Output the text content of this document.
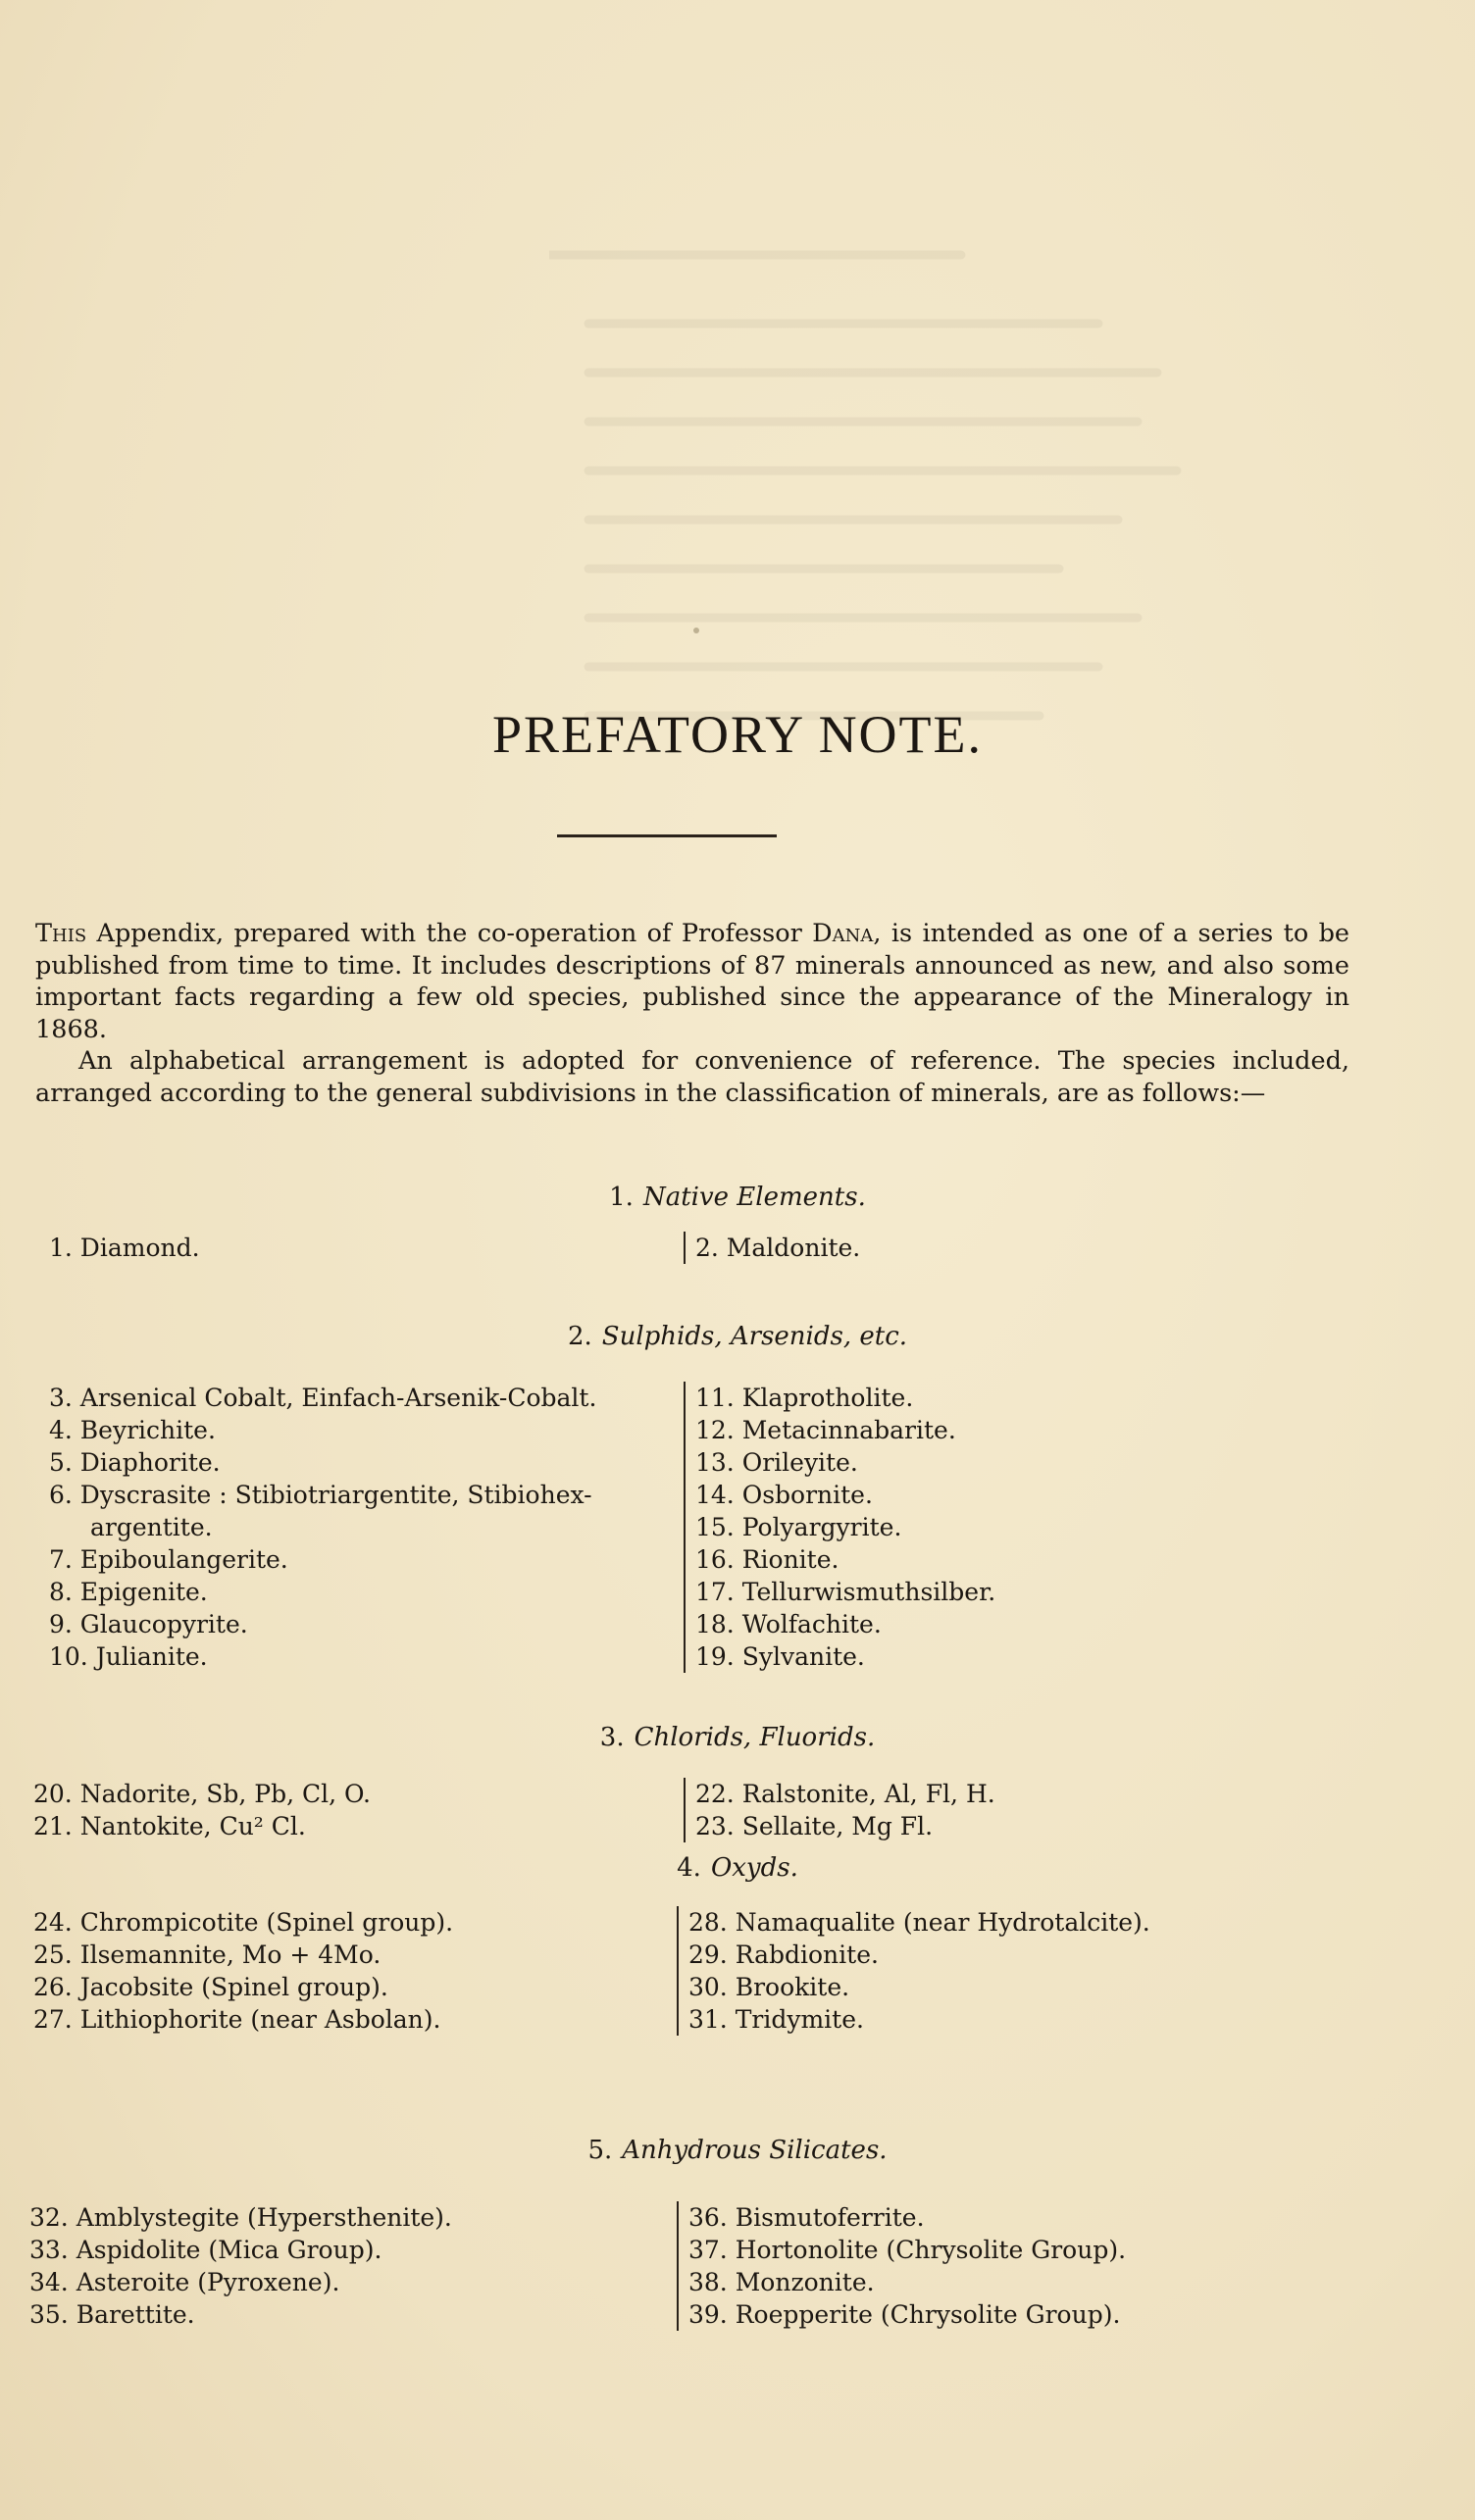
PREFATORY NOTE.

This Appendix, prepared with the co-operation of Professor Dana, is intended as one of a series to be published from time to time. It includes descriptions of 87 minerals announced as new, and also some important facts regarding a few old species, published since the appearance of the Mineralogy in 1868.

An alphabetical arrangement is adopted for convenience of reference. The species included, arranged according to the general subdivisions in the classification of minerals, are as follows:—

1. Native Elements.
1. Diamond.	2. Maldonite.
2. Sulphids, Arsenids, etc.
3. Arsenical Cobalt, Einfach-Arsenik-Cobalt.
4. Beyrichite.
5. Diaphorite.
6. Dyscrasite : Stibiotriargentite, Stibiohex-
argentite.
7. Epiboulangerite.
8. Epigenite.
9. Glaucopyrite.
10. Julianite.
11. Klaprotholite.
12. Metacinnabarite.
13. Orileyite.
14. Osbornite.
15. Polyargyrite.
16. Rionite.
17. Tellurwismuthsilber.
18. Wolfachite.
19. Sylvanite.
3. Chlorids, Fluorids.
20. Nadorite, Sb, Pb, Cl, O.
21. Nantokite, Cu² Cl.
22. Ralstonite, Al, Fl, H.
23. Sellaite, Mg Fl.
4. Oxyds.
24. Chrompicotite (Spinel group).
25. Ilsemannite, Mo + 4Mo.
26. Jacobsite (Spinel group).
27. Lithiophorite (near Asbolan).
28. Namaqualite (near Hydrotalcite).
29. Rabdionite.
30. Brookite.
31. Tridymite.
5. Anhydrous Silicates.
32. Amblystegite (Hypersthenite).
33. Aspidolite (Mica Group).
34. Asteroite (Pyroxene).
35. Barettite.
36. Bismutoferrite.
37. Hortonolite (Chrysolite Group).
38. Monzonite.
39. Roepperite (Chrysolite Group).
